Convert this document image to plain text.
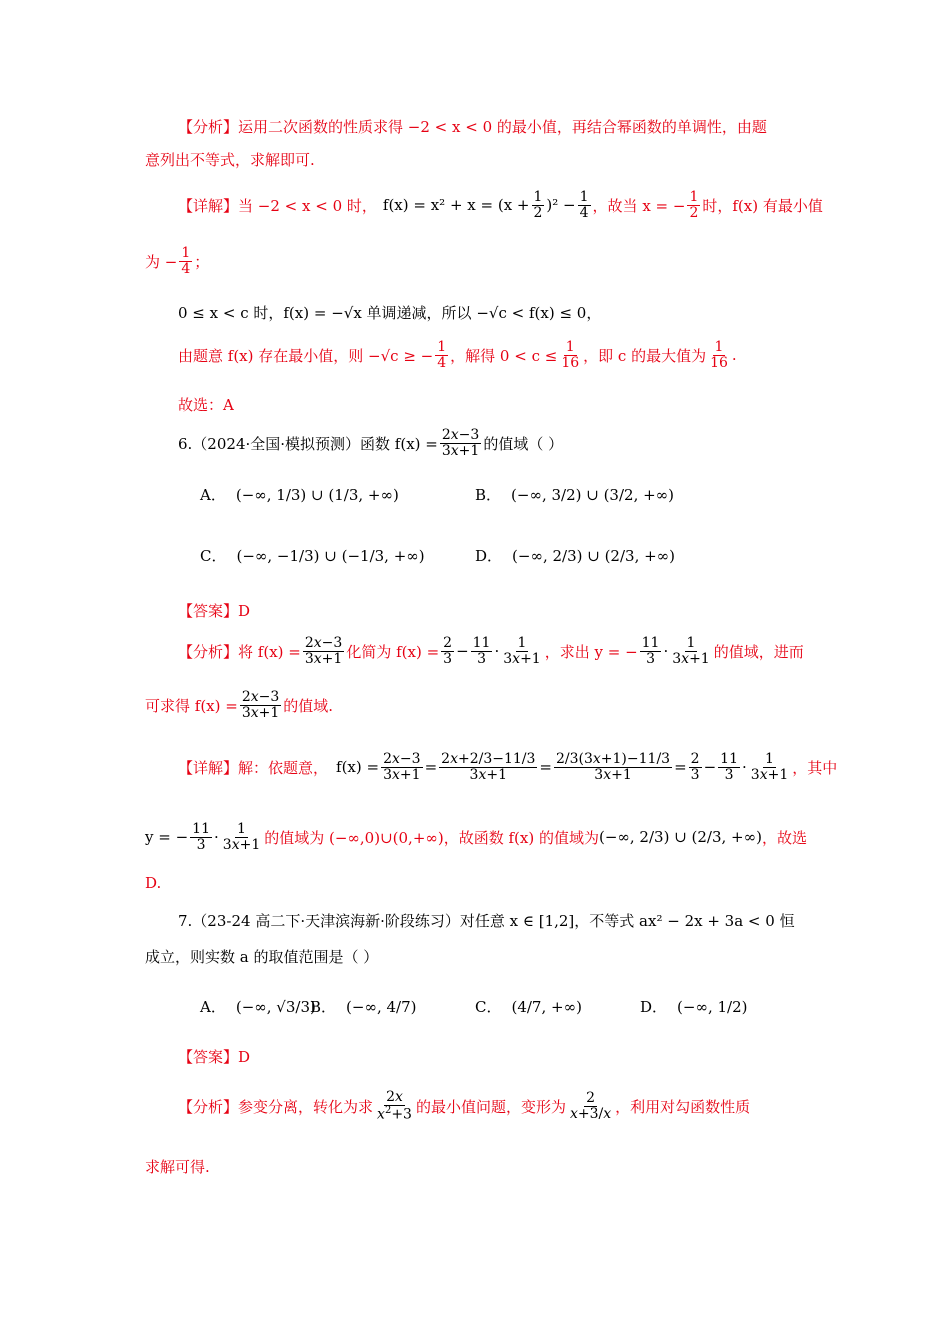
【分析】 运用二次函数的性质求得 −2 < x < 0 的最小值，再结合幂函数的单调性，由题
意列出不等式，求解即可.
【详解】 当 −2 < x < 0 时， $f(x) = x^2 + x = (x + \frac{1}{2} )^2 - \frac{1}{4}$ ，故当 x = − $\frac{1}{2}$ 时，f(x) 有最小值
为 − $\frac{1}{4}$ ；
0 ≤ x < c 时，f(x) = −√x 单调递减，所以 −√c < f(x) ≤ 0，
由题意 f(x) 存在最小值，则 −√c ≥ − $\frac{1}{4}$ ，解得 $0 < c \le \frac{1}{16}$ ，即 c 的最大值为 $\frac{1}{16}$ .
故选：A
6.（2024·全国·模拟预测）函数 $f(x) = \frac{2x-3}{3x+1}$ 的值域（ ）
A． (−∞, 1/3) ∪ (1/3, +∞)	B． (−∞, 3/2) ∪ (3/2, +∞)
C． (−∞, −1/3) ∪ (−1/3, +∞)	D． (−∞, 2/3) ∪ (2/3, +∞)
【答案】 D
【分析】 将 $f(x) = \frac{2x-3}{3x+1}$ 化简为 $f(x) = \frac{2}{3} - \frac{11}{3} \cdot \frac{1}{3x+1}$ ，求出 y = − $\frac{11}{3} \cdot \frac{1}{3x+1}$ 的值域，进而
可求得 $f(x) = \frac{2x-3}{3x+1}$ 的值域.
【详解】 解：依题意， $f(x) = \frac{2x-3}{3x+1} = \frac{2x+2/3-11/3}{3x+1} = \frac{2/3(3x+1)-11/3}{3x+1} = \frac{2}{3} - \frac{11}{3} \cdot \frac{1}{3x+1}$ ，其中
y = − $\frac{11}{3} \cdot \frac{1}{3x+1}$ 的值域为 (−∞,0)∪(0,+∞)，故函数 f(x) 的值域为 (−∞, 2/3) ∪ (2/3, +∞) ，故选
D.
7.（23-24 高二下·天津滨海新·阶段练习）对任意 x ∈ [1,2]，不等式 ax² − 2x + 3a < 0 恒
成立，则实数 a 的取值范围是（ ）
A． (−∞, √3/3)
B． (−∞, 4/7)	C． (4/7, +∞)	D． (−∞, 1/2)
【答案】 D
【分析】 参变分离，转化为求 $\frac{2x}{x^2+3}$ 的最小值问题，变形为 $\frac{2}{x+3/x}$ ，利用对勾函数性质
求解可得.
